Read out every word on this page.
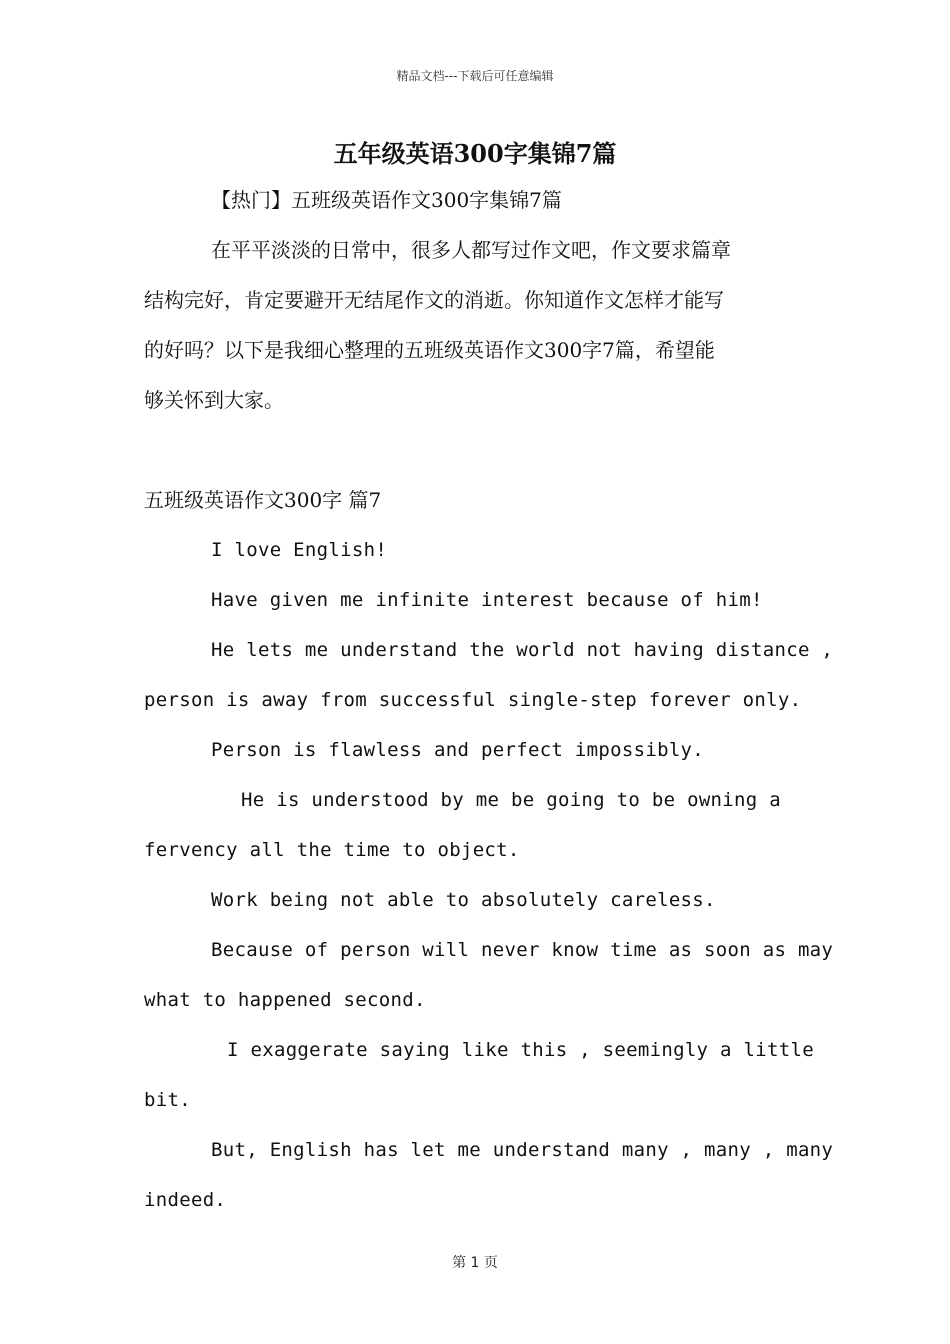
精品文档---下载后可任意编辑
五年级英语300字集锦7篇
【热门】五班级英语作文300字集锦7篇
在平平淡淡的日常中，很多人都写过作文吧，作文要求篇章
结构完好，肯定要避开无结尾作文的消逝。你知道作文怎样才能写
的好吗？以下是我细心整理的五班级英语作文300字7篇，希望能
够关怀到大家。
五班级英语作文300字 篇7
I love English!
Have given me infinite interest because of him!
He lets me understand the world not having distance ,
person is away from successful single-step forever only.
Person is flawless and perfect impossibly.
He is understood by me be going to be owning a
fervency all the time to object.
Work being not able to absolutely careless.
Because of person will never know time as soon as may
what to happened second.
I exaggerate saying like this , seemingly a little
bit.
But, English has let me understand many , many , many
indeed.
第 1 页
